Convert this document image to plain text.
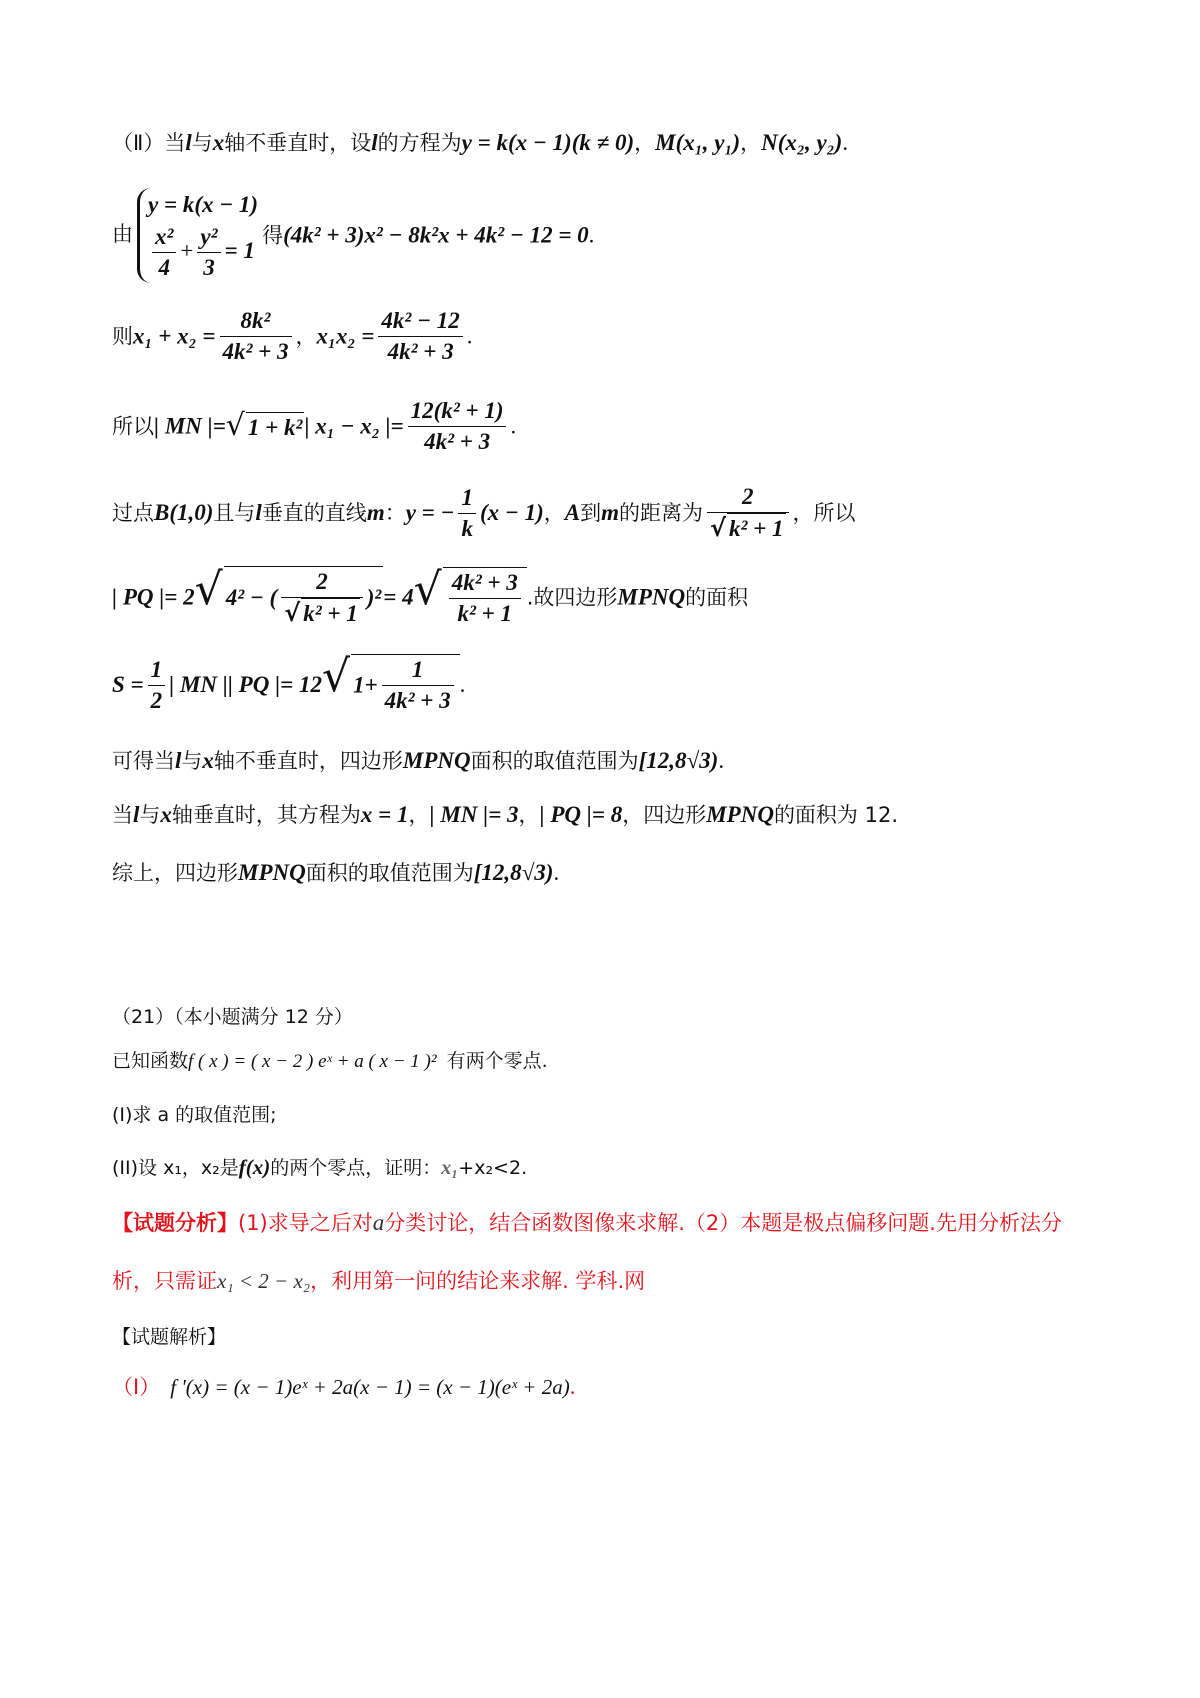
（Ⅱ）当l与x轴不垂直时，设l的方程为y = k(x − 1)(k ≠ 0)，M(x₁, y₁)，N(x₂, y₂).
由
y = k(x − 1)
$\frac{\text{x²}}{4} + \frac{\text{y²}}{3} = 1$
得(4k² + 3)x² − 8k²x + 4k² − 12 = 0.
则$x_1 + x_2 = \frac{\text{8k²}}{\text{4k² + 3}}$ ，$x_1x_2 = \frac{\text{4k² − 12}}{\text{4k² + 3}}$ .
所以| MN |=√ 1 + k²| x₁ − x₂ |= $\frac{\text{12(k² + 1)}}{\text{4k² + 3}}$ .
过点B(1,0)且与l垂直的直线m：y = − $\frac{1}{k} (x - 1)$，A到m的距离为 $\frac{2}{\text{√ k² + 1}}$ ，所以
| PQ |= 2√ 4² − ( $\frac{2}{\text{√ k² + 1}} )^2= 4√ \frac{\text{4k² + 3}}{\text{k² + 1}}$ .故四边形MPNQ的面积
$S = \frac{1}{2}$ | MN || PQ |= 12√ $1+ \frac{1}{\text{4k² + 3}}$ .
可得当l与x轴不垂直时，四边形MPNQ面积的取值范围为[12,8√3).
当l与x轴垂直时，其方程为x = 1，| MN |= 3，| PQ |= 8，四边形MPNQ的面积为 12.
综上，四边形MPNQ面积的取值范围为[12,8√3).
（21）（本小题满分 12 分）
已知函数f ( x ) = ( x − 2 ) eˣ + a ( x − 1 )² 有两个零点.
(I)求 a 的取值范围;
(II)设 x₁，x₂是f(x)的两个零点，证明：x₁+x₂<2.
【试题分析】(1)求导之后对a分类讨论，结合函数图像来求解.（2）本题是极点偏移问题.先用分析法分
析，只需证x₁ < 2 − x₂，利用第一问的结论来求解. 学科.网
【试题解析】
（Ⅰ） f '(x) = (x − 1)eˣ + 2a(x − 1) = (x − 1)(eˣ + 2a).
